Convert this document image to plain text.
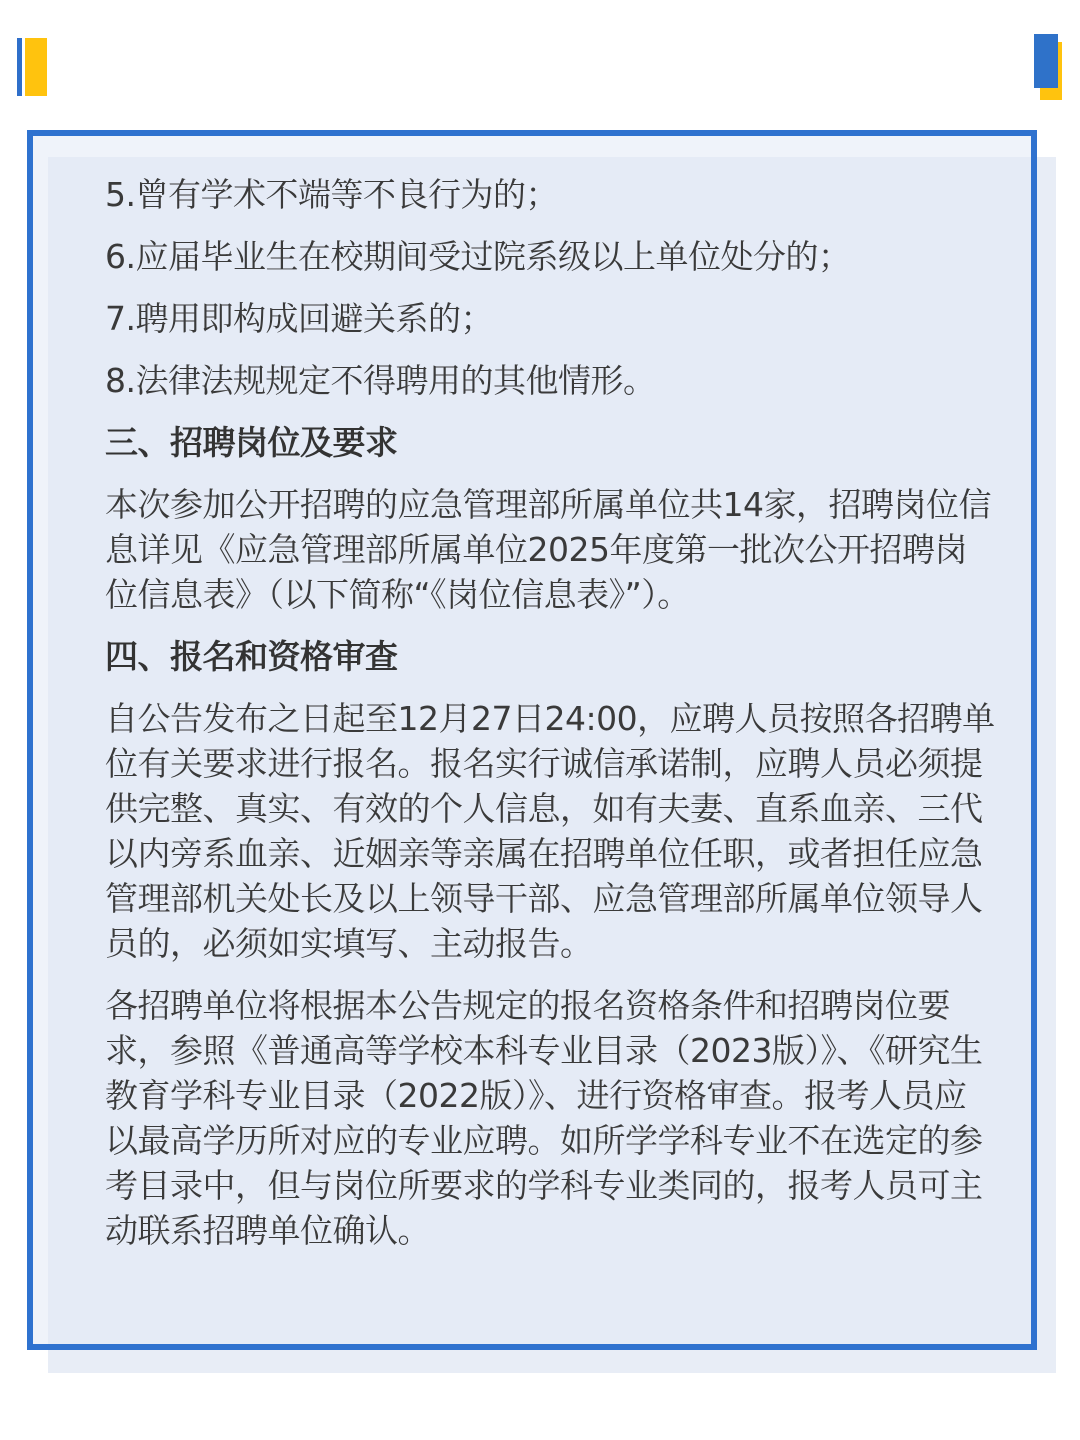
5.曾有学术不端等不良行为的；
6.应届毕业生在校期间受过院系级以上单位处分的；
7.聘用即构成回避关系的；
8.法律法规规定不得聘用的其他情形。
三、招聘岗位及要求
本次参加公开招聘的应急管理部所属单位共14家，招聘岗位信息详见《应急管理部所属单位2025年度第一批次公开招聘岗位信息表》（以下简称“《岗位信息表》”）。
四、报名和资格审查
自公告发布之日起至12月27日24:00，应聘人员按照各招聘单位有关要求进行报名。报名实行诚信承诺制，应聘人员必须提供完整、真实、有效的个人信息，如有夫妻、直系血亲、三代以内旁系血亲、近姻亲等亲属在招聘单位任职，或者担任应急管理部机关处长及以上领导干部、应急管理部所属单位领导人员的，必须如实填写、主动报告。
各招聘单位将根据本公告规定的报名资格条件和招聘岗位要求，参照《普通高等学校本科专业目录（2023版）》、《研究生教育学科专业目录（2022版）》、进行资格审查。报考人员应以最高学历所对应的专业应聘。如所学学科专业不在选定的参考目录中，但与岗位所要求的学科专业类同的，报考人员可主动联系招聘单位确认。
